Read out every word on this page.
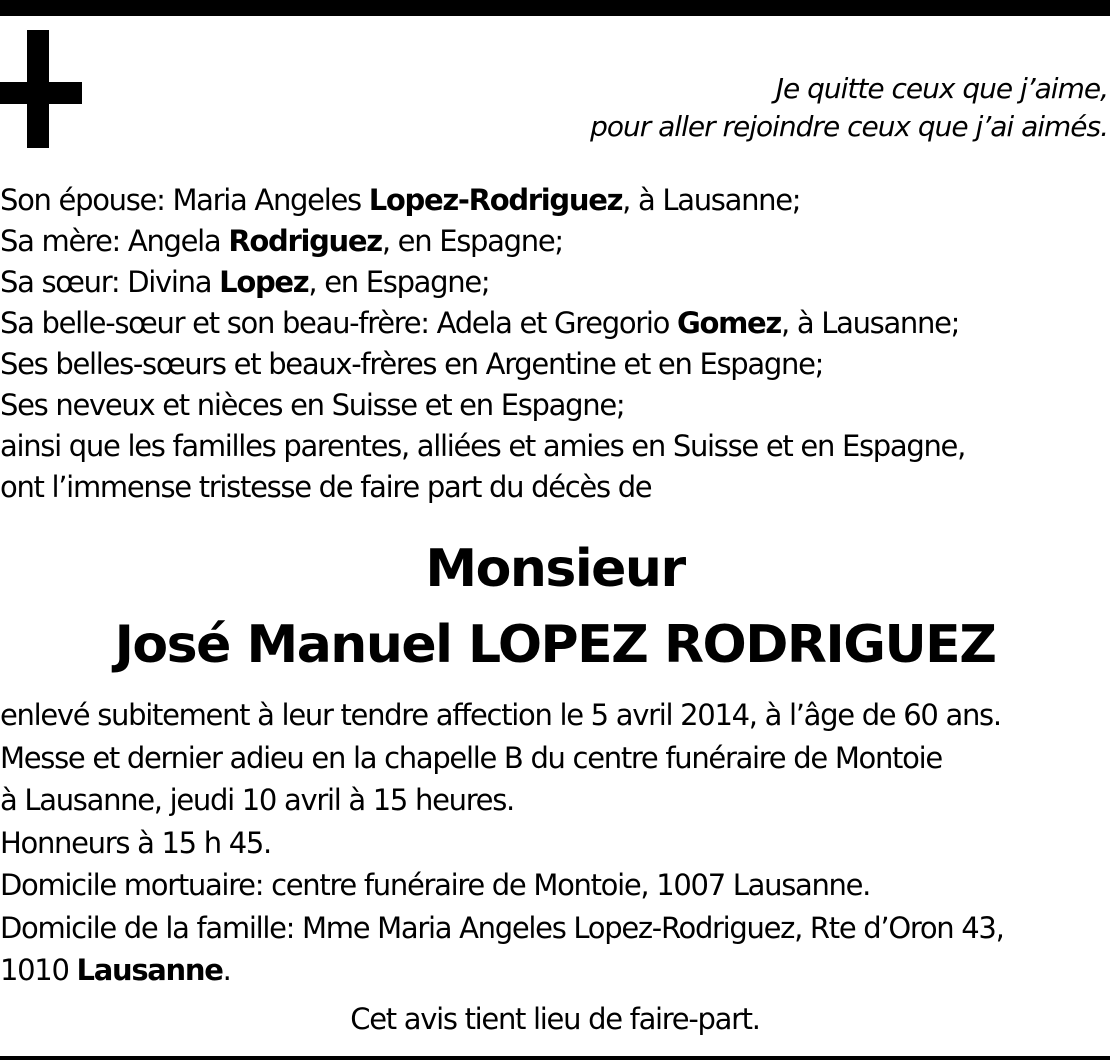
Je quitte ceux que j’aime,
pour aller rejoindre ceux que j’ai aimés.
Son épouse: Maria Angeles Lopez-Rodriguez, à Lausanne;
Sa mère: Angela Rodriguez, en Espagne;
Sa sœur: Divina Lopez, en Espagne;
Sa belle-sœur et son beau-frère: Adela et Gregorio Gomez, à Lausanne;
Ses belles-sœurs et beaux-frères en Argentine et en Espagne;
Ses neveux et nièces en Suisse et en Espagne;
ainsi que les familles parentes, alliées et amies en Suisse et en Espagne,
ont l’immense tristesse de faire part du décès de
Monsieur
José Manuel LOPEZ RODRIGUEZ
enlevé subitement à leur tendre affection le 5 avril 2014, à l’âge de 60 ans.
Messe et dernier adieu en la chapelle B du centre funéraire de Montoie
à Lausanne, jeudi 10 avril à 15 heures.
Honneurs à 15 h 45.
Domicile mortuaire: centre funéraire de Montoie, 1007 Lausanne.
Domicile de la famille: Mme Maria Angeles Lopez-Rodriguez, Rte d’Oron 43,
1010 Lausanne.
Cet avis tient lieu de faire-part.
